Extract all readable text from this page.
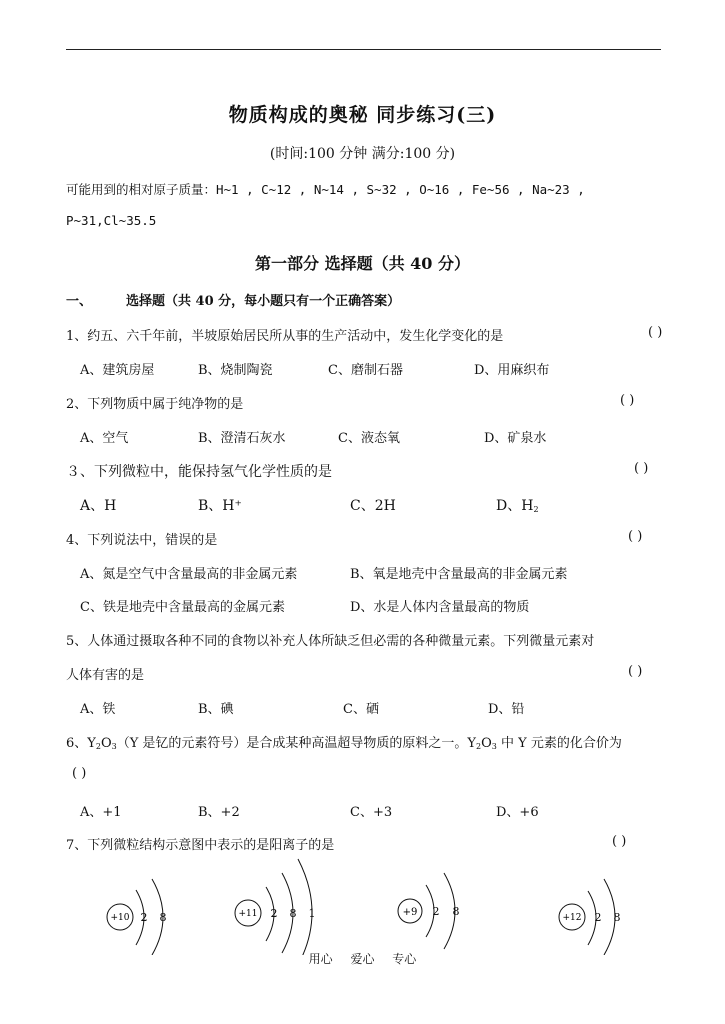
物质构成的奥秘 同步练习(三)
(时间:100 分钟 满分:100 分)
可能用到的相对原子质量：H~1 , C~12 , N~14 , S~32 , O~16 , Fe~56 , Na~23 ,
P~31,Cl~35.5
第一部分 选择题（共 40 分）
一、	选择题（共 40 分，每小题只有一个正确答案）
1、约五、六千年前，半坡原始居民所从事的生产活动中，发生化学变化的是	( )
A、建筑房屋	B、烧制陶瓷	C、磨制石器	D、用麻织布
2、下列物质中属于纯净物的是	( )
A、空气	B、澄清石灰水	C、液态氧	D、矿泉水
３、下列微粒中，能保持氢气化学性质的是	( )
A、H	B、H⁺	C、2H	D、$H_2$
4、下列说法中，错误的是	( )
A、氮是空气中含量最高的非金属元素	B、氧是地壳中含量最高的非金属元素
C、铁是地壳中含量最高的金属元素	D、水是人体内含量最高的物质
5、人体通过摄取各种不同的食物以补充人体所缺乏但必需的各种微量元素。下列微量元素对
人体有害的是	( )
A、铁	B、碘	C、硒	D、铅
6、$Y_2O_3(Y$ 是钇的元素符号）是合成某种高温超导物质的原料之一。$Y_2O_3$ 中 Y 元素的化合价为
( )
A、+1	B、+2	C、+3	D、+6
7、下列微粒结构示意图中表示的是阳离子的是	( )
+10 2 8	+11 2 8 1	+9 2 8	+12 2 8
用心 爱心 专心
